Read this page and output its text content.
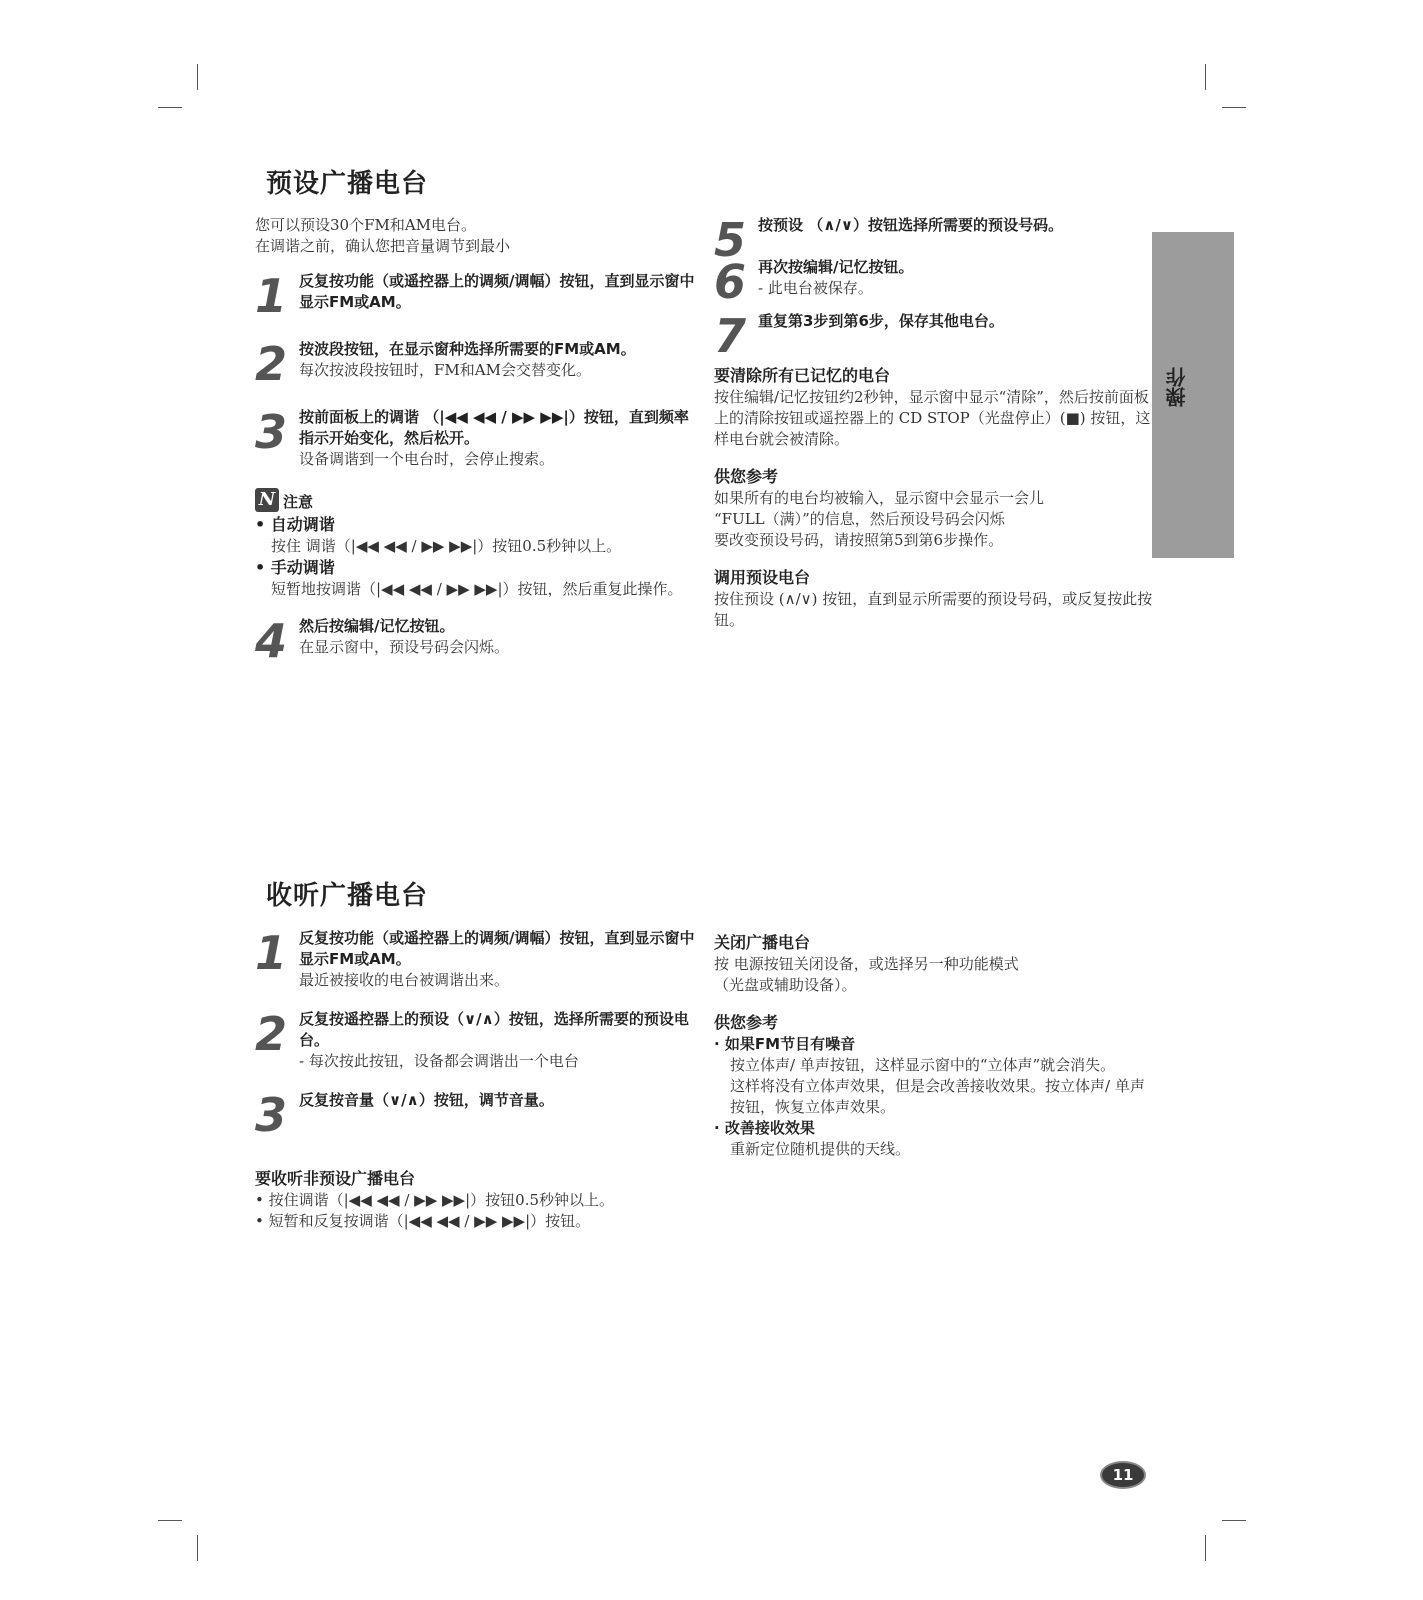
预设广播电台
您可以预设30个FM和AM电台。
在调谐之前，确认您把音量调节到最小
1 反复按功能（或遥控器上的调频/调幅）按钮，直到显示窗中显示FM或AM。
2 按波段按钮，在显示窗种选择所需要的FM或AM。
每次按波段按钮时，FM和AM会交替变化。
3 按前面板上的调谐 （|◀◀ ◀◀ / ▶▶ ▶▶|）按钮，直到频率指示开始变化，然后松开。
设备调谐到一个电台时，会停止搜索。
N 注意
• 自动调谐
按住 调谐（|◀◀ ◀◀ / ▶▶ ▶▶|）按钮0.5秒钟以上。
• 手动调谐
短暂地按调谐（|◀◀ ◀◀ / ▶▶ ▶▶|）按钮，然后重复此操作。
4 然后按编辑/记忆按钮。
在显示窗中，预设号码会闪烁。
5 按预设 （∧/∨）按钮选择所需要的预设号码。
6 再次按编辑/记忆按钮。
- 此电台被保存。
7 重复第3步到第6步，保存其他电台。
要清除所有已记忆的电台
按住编辑/记忆按钮约2秒钟，显示窗中显示“清除”，然后按前面板上的清除按钮或遥控器上的 CD STOP（光盘停止）(■) 按钮，这样电台就会被清除。
供您参考
如果所有的电台均被输入，显示窗中会显示一会儿
“FULL（满）”的信息，然后预设号码会闪烁
要改变预设号码，请按照第5到第6步操作。
调用预设电台
按住预设 (∧/∨) 按钮，直到显示所需要的预设号码，或反复按此按钮。
操作
收听广播电台
1 反复按功能（或遥控器上的调频/调幅）按钮，直到显示窗中显示FM或AM。
最近被接收的电台被调谐出来。
2 反复按遥控器上的预设（∨/∧）按钮，选择所需要的预设电台。
- 每次按此按钮，设备都会调谐出一个电台
3 反复按音量（∨/∧）按钮，调节音量。
要收听非预设广播电台
• 按住调谐（|◀◀ ◀◀ / ▶▶ ▶▶|）按钮0.5秒钟以上。
• 短暂和反复按调谐（|◀◀ ◀◀ / ▶▶ ▶▶|）按钮。
关闭广播电台
按 电源按钮关闭设备，或选择另一种功能模式
（光盘或辅助设备）。
供您参考
· 如果FM节目有噪音
按立体声/ 单声按钮，这样显示窗中的“立体声”就会消失。
这样将没有立体声效果，但是会改善接收效果。按立体声/ 单声按钮，恢复立体声效果。
· 改善接收效果
重新定位随机提供的天线。
11
